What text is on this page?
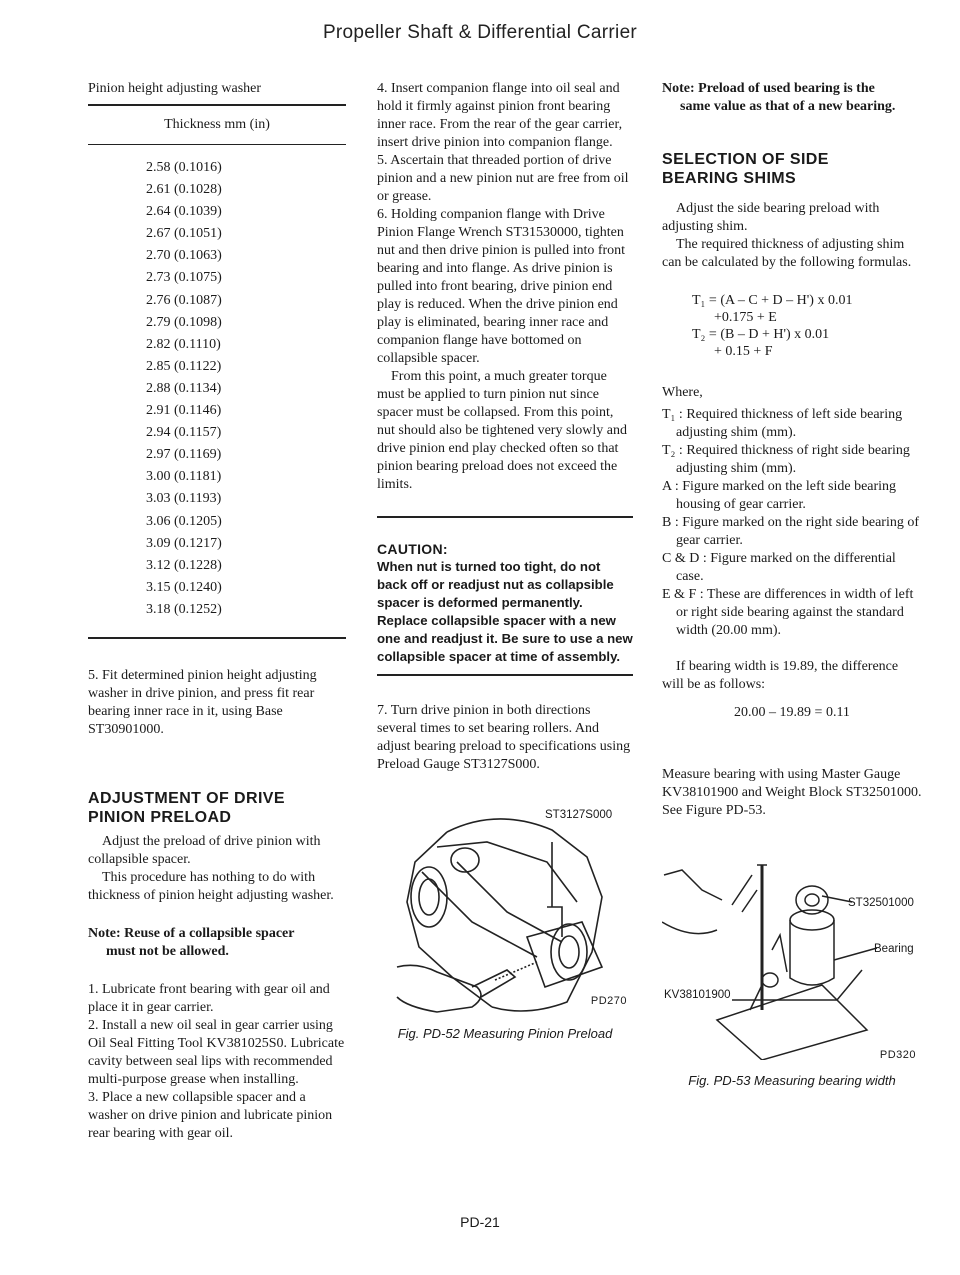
Propeller Shaft & Differential Carrier
Pinion height adjusting washer
Thickness mm (in)
2.58 (0.1016)
2.61 (0.1028)
2.64 (0.1039)
2.67 (0.1051)
2.70 (0.1063)
2.73 (0.1075)
2.76 (0.1087)
2.79 (0.1098)
2.82 (0.1110)
2.85 (0.1122)
2.88 (0.1134)
2.91 (0.1146)
2.94 (0.1157)
2.97 (0.1169)
3.00 (0.1181)
3.03 (0.1193)
3.06 (0.1205)
3.09 (0.1217)
3.12 (0.1228)
3.15 (0.1240)
3.18 (0.1252)

5. Fit determined pinion height adjusting washer in drive pinion, and press fit rear bearing inner race in it, using Base ST30901000.

ADJUSTMENT OF DRIVE
PINION PRELOAD

Adjust the preload of drive pinion with collapsible spacer.

This procedure has nothing to do with thickness of pinion height adjusting washer.

Note: Reuse of a collapsible spacer
must not be allowed.

1. Lubricate front bearing with gear oil and place it in gear carrier.

2. Install a new oil seal in gear carrier using Oil Seal Fitting Tool KV381025S0. Lubricate cavity between seal lips with recommended multi-purpose grease when installing.

3. Place a new collapsible spacer and a washer on drive pinion and lubricate pinion rear bearing with gear oil.

4. Insert companion flange into oil seal and hold it firmly against pinion front bearing inner race. From the rear of the gear carrier, insert drive pinion into companion flange.

5. Ascertain that threaded portion of drive pinion and a new pinion nut are free from oil or grease.

6. Holding companion flange with Drive Pinion Flange Wrench ST31530000, tighten nut and then drive pinion is pulled into front bearing and into flange. As drive pinion is pulled into front bearing, drive pinion end play is reduced. When the drive pinion end play is eliminated, bearing inner race and companion flange have bottomed on collapsible spacer.

From this point, a much greater torque must be applied to turn pinion nut since spacer must be collapsed. From this point, nut should also be tightened very slowly and drive pinion end play checked often so that pinion bearing preload does not exceed the limits.

CAUTION:

When nut is turned too tight, do not back off or readjust nut as collapsible spacer is deformed permanently. Replace collapsible spacer with a new one and readjust it. Be sure to use a new collapsible spacer at time of assembly.

7. Turn drive pinion in both directions several times to set bearing rollers. And adjust bearing preload to specifications using Preload Gauge ST3127S000.

ST3127S000
PD270
Fig. PD-52 Measuring Pinion Preload
Note: Preload of used bearing is the
same value as that of a new bearing.
SELECTION OF SIDE
BEARING SHIMS

Adjust the side bearing preload with adjusting shim.

The required thickness of adjusting shim can be calculated by the following formulas.

T₁ = (A – C + D – H') x 0.01
+0.175 + E
T₂ = (B – D + H') x 0.01
+ 0.15 + F

Where,

T₁ : Required thickness of left side bearing adjusting shim (mm).

T₂ : Required thickness of right side bearing adjusting shim (mm).

A : Figure marked on the left side bearing housing of gear carrier.

B : Figure marked on the right side bearing of gear carrier.

C & D : Figure marked on the differential case.

E & F : These are differences in width of left or right side bearing against the standard width (20.00 mm).

If bearing width is 19.89, the difference will be as follows:

20.00 – 19.89 = 0.11

Measure bearing with using Master Gauge KV38101900 and Weight Block ST32501000. See Figure PD-53.

ST32501000
Bearing
KV38101900
PD320
Fig. PD-53 Measuring bearing width
PD-21
